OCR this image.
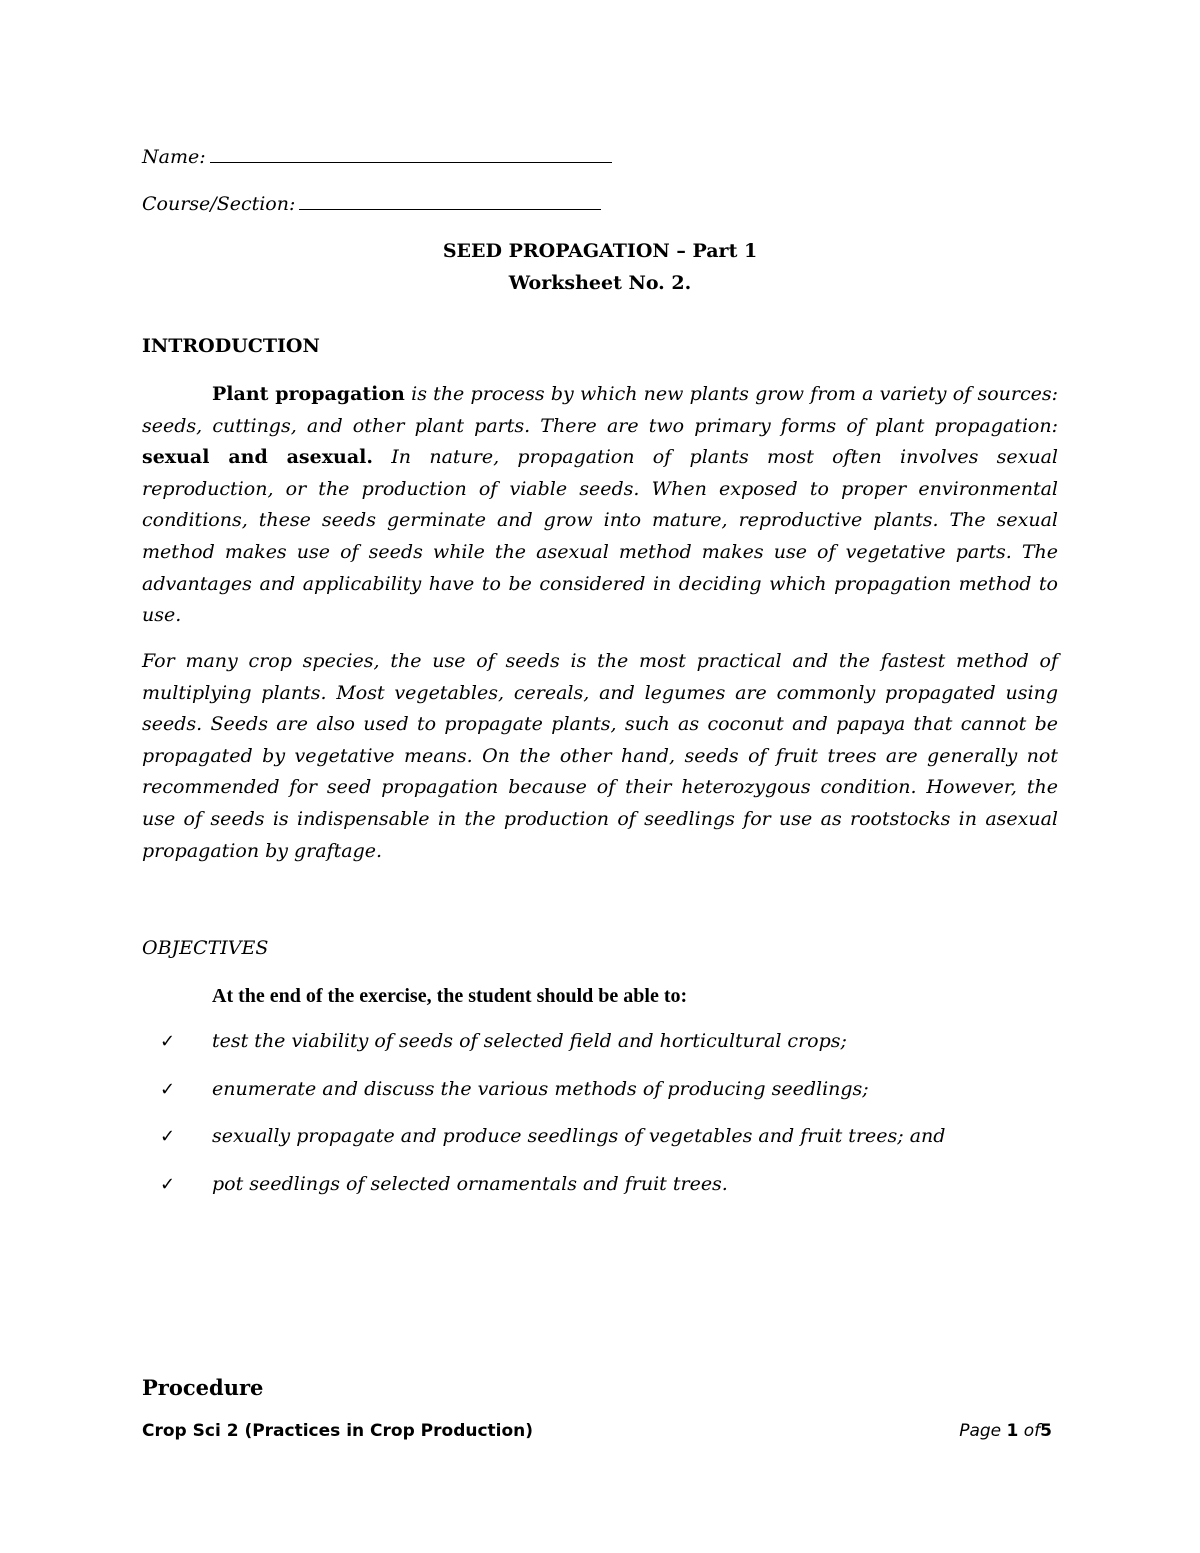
Name:
Course/Section:
SEED PROPAGATION – Part 1
Worksheet No. 2.
INTRODUCTION

Plant propagation is the process by which new plants grow from a variety of sources: seeds, cuttings, and other plant parts. There are two primary forms of plant propagation: sexual and asexual. In nature, propagation of plants most often involves sexual reproduction, or the production of viable seeds. When exposed to proper environmental conditions, these seeds germinate and grow into mature, reproductive plants. The sexual method makes use of seeds while the asexual method makes use of vegetative parts. The advantages and applicability have to be considered in deciding which propagation method to use.

For many crop species, the use of seeds is the most practical and the fastest method of multiplying plants. Most vegetables, cereals, and legumes are commonly propagated using seeds. Seeds are also used to propagate plants, such as coconut and papaya that cannot be propagated by vegetative means. On the other hand, seeds of fruit trees are generally not recommended for seed propagation because of their heterozygous condition. However, the use of seeds is indispensable in the production of seedlings for use as rootstocks in asexual propagation by graftage.

OBJECTIVES
At the end of the exercise, the student should be able to:
✓ test the viability of seeds of selected field and horticultural crops;
✓ enumerate and discuss the various methods of producing seedlings;
✓ sexually propagate and produce seedlings of vegetables and fruit trees; and
✓ pot seedlings of selected ornamentals and fruit trees.
Procedure
Crop Sci 2 (Practices in Crop Production)	Page 1 of5
